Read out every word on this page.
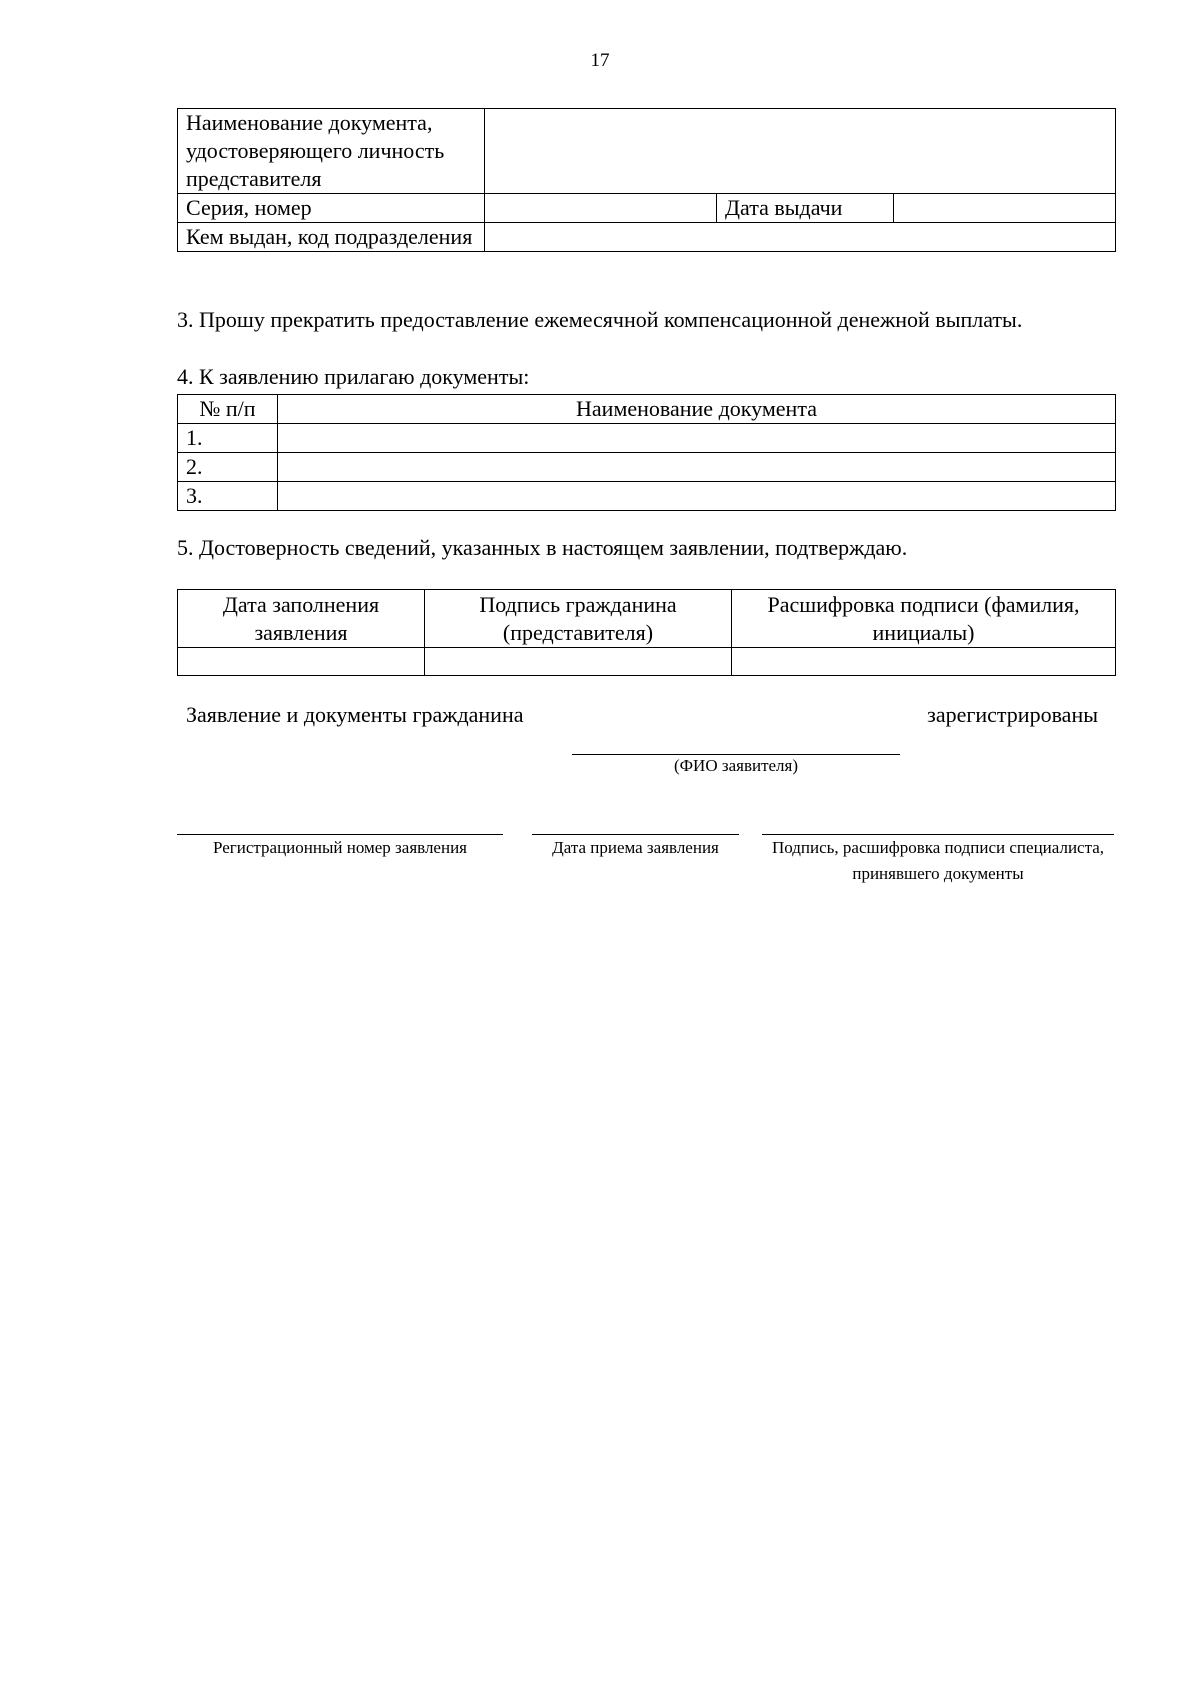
17
Наименование документа, удостоверяющего личность представителя			
Серия, номер		Дата выдачи	
Кем выдан, код подразделения			
3. Прошу прекратить предоставление ежемесячной компенсационной денежной выплаты.
4. К заявлению прилагаю документы:
№ п/п	Наименование документа
1.	
2.	
3.	
5. Достоверность сведений, указанных в настоящем заявлении, подтверждаю.
Дата заполнения заявления	Подпись гражданина (представителя)	Расшифровка подписи (фамилия, инициалы)

Заявление и документы гражданина	зарегистрированы
(ФИО заявителя)
Регистрационный номер заявления	Дата приема заявления	Подпись, расшифровка подписи специалиста, принявшего документы
